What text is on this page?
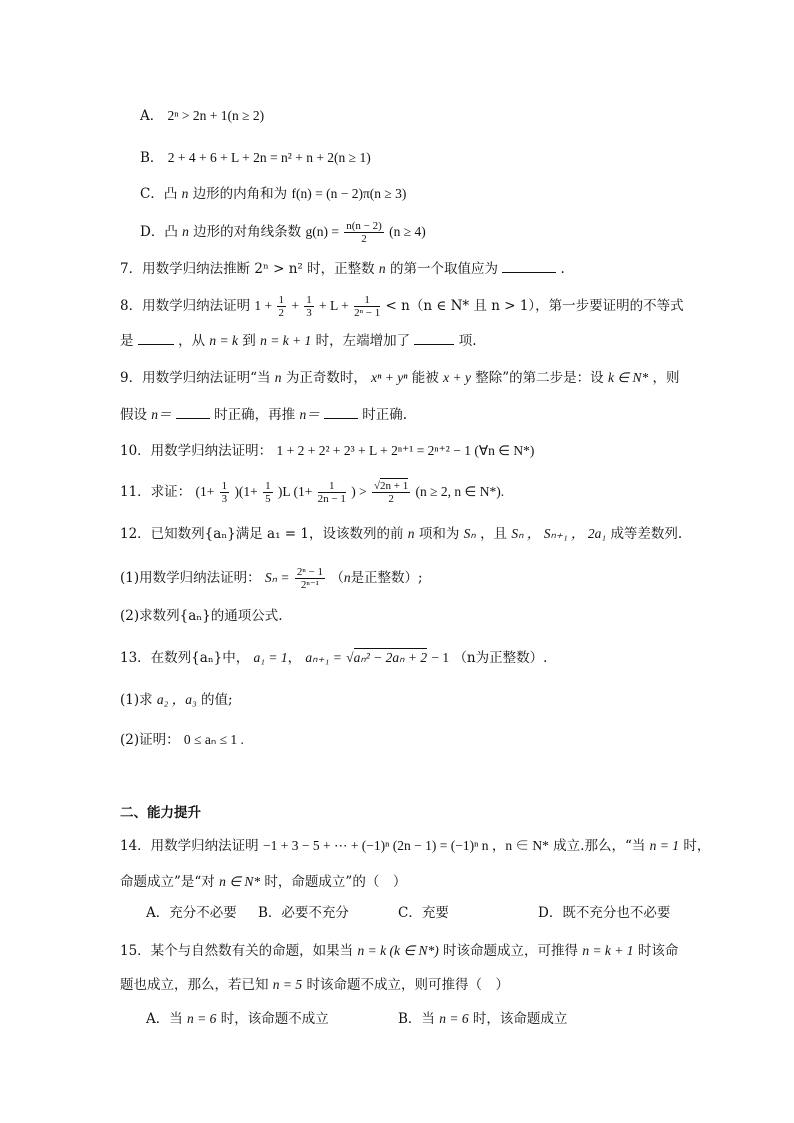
A． 2ⁿ > 2n + 1(n ≥ 2)
B． 2 + 4 + 6 + L + 2n = n² + n + 2(n ≥ 1)
C．凸 n 边形的内角和为 f(n) = (n − 2)π(n ≥ 3)
D．凸 n 边形的对角线条数 $g(n) = \frac{n(n - 2)}{2} (n \ge 4)$
7．用数学归纳法推断 2ⁿ > n² 时，正整数 n 的第一个取值应为	.
8．用数学归纳法证明 $1 + \frac{1}{2} + \frac{1}{3} + L + \frac{1}{\text{2ⁿ − 1}} < n(n$ ∈ N* 且 n > 1），第一步要证明的不等式
是	，从 n = k 到 n = k + 1 时，左端增加了	项.
9．用数学归纳法证明“当 n 为正奇数时， xⁿ + yⁿ 能被 x + y 整除”的第二步是：设 k ∈ N* ，则
假设 n＝	时正确，再推 n＝	时正确.
10．用数学归纳法证明： 1 + 2 + 2² + 2³ + L + 2ⁿ⁺¹ = 2ⁿ⁺² − 1 (∀n ∈ N*)
11．求证： $(1+ \frac{1}{3} )(1+ \frac{1}{5} )L$ ($1+ \frac{1}{2n - 1}$ ) > $\frac{√2n + 1}{2} (n \ge 2$, n ∈ N*).
12．已知数列{aₙ}满足 a₁ = 1，设该数列的前 n 项和为 Sₙ ，且 Sₙ ， Sₙ₊₁ ， 2a₁ 成等差数列.
(1)用数学归纳法证明： $S_n = \frac{\text{2ⁿ − 1}}{\text{2ⁿ⁻¹}} (n$是正整数）;
(2)求数列{aₙ}的通项公式.
13．在数列{aₙ}中， a₁ = 1， aₙ₊₁ = √aₙ² − 2aₙ + 2 − 1 （n为正整数）.
(1)求 a₂ ，a₃ 的值;
(2)证明： 0 ≤ aₙ ≤ 1 .
二、能力提升
14．用数学归纳法证明 −1 + 3 − 5 + ⋯ + (−1)ⁿ (2n − 1) = (−1)ⁿ n ，n ∈ N* 成立.那么，“当 n = 1 时，
命题成立”是“对 n ∈ N* 时，命题成立”的（　）
A．充分不必要 B．必要不充分	C．充要	D．既不充分也不必要
15．某个与自然数有关的命题，如果当 n = k (k ∈ N*) 时该命题成立，可推得 n = k + 1 时该命
题也成立，那么，若已知 n = 5 时该命题不成立，则可推得（　）
A．当 n = 6 时，该命题不成立	B．当 n = 6 时，该命题成立
